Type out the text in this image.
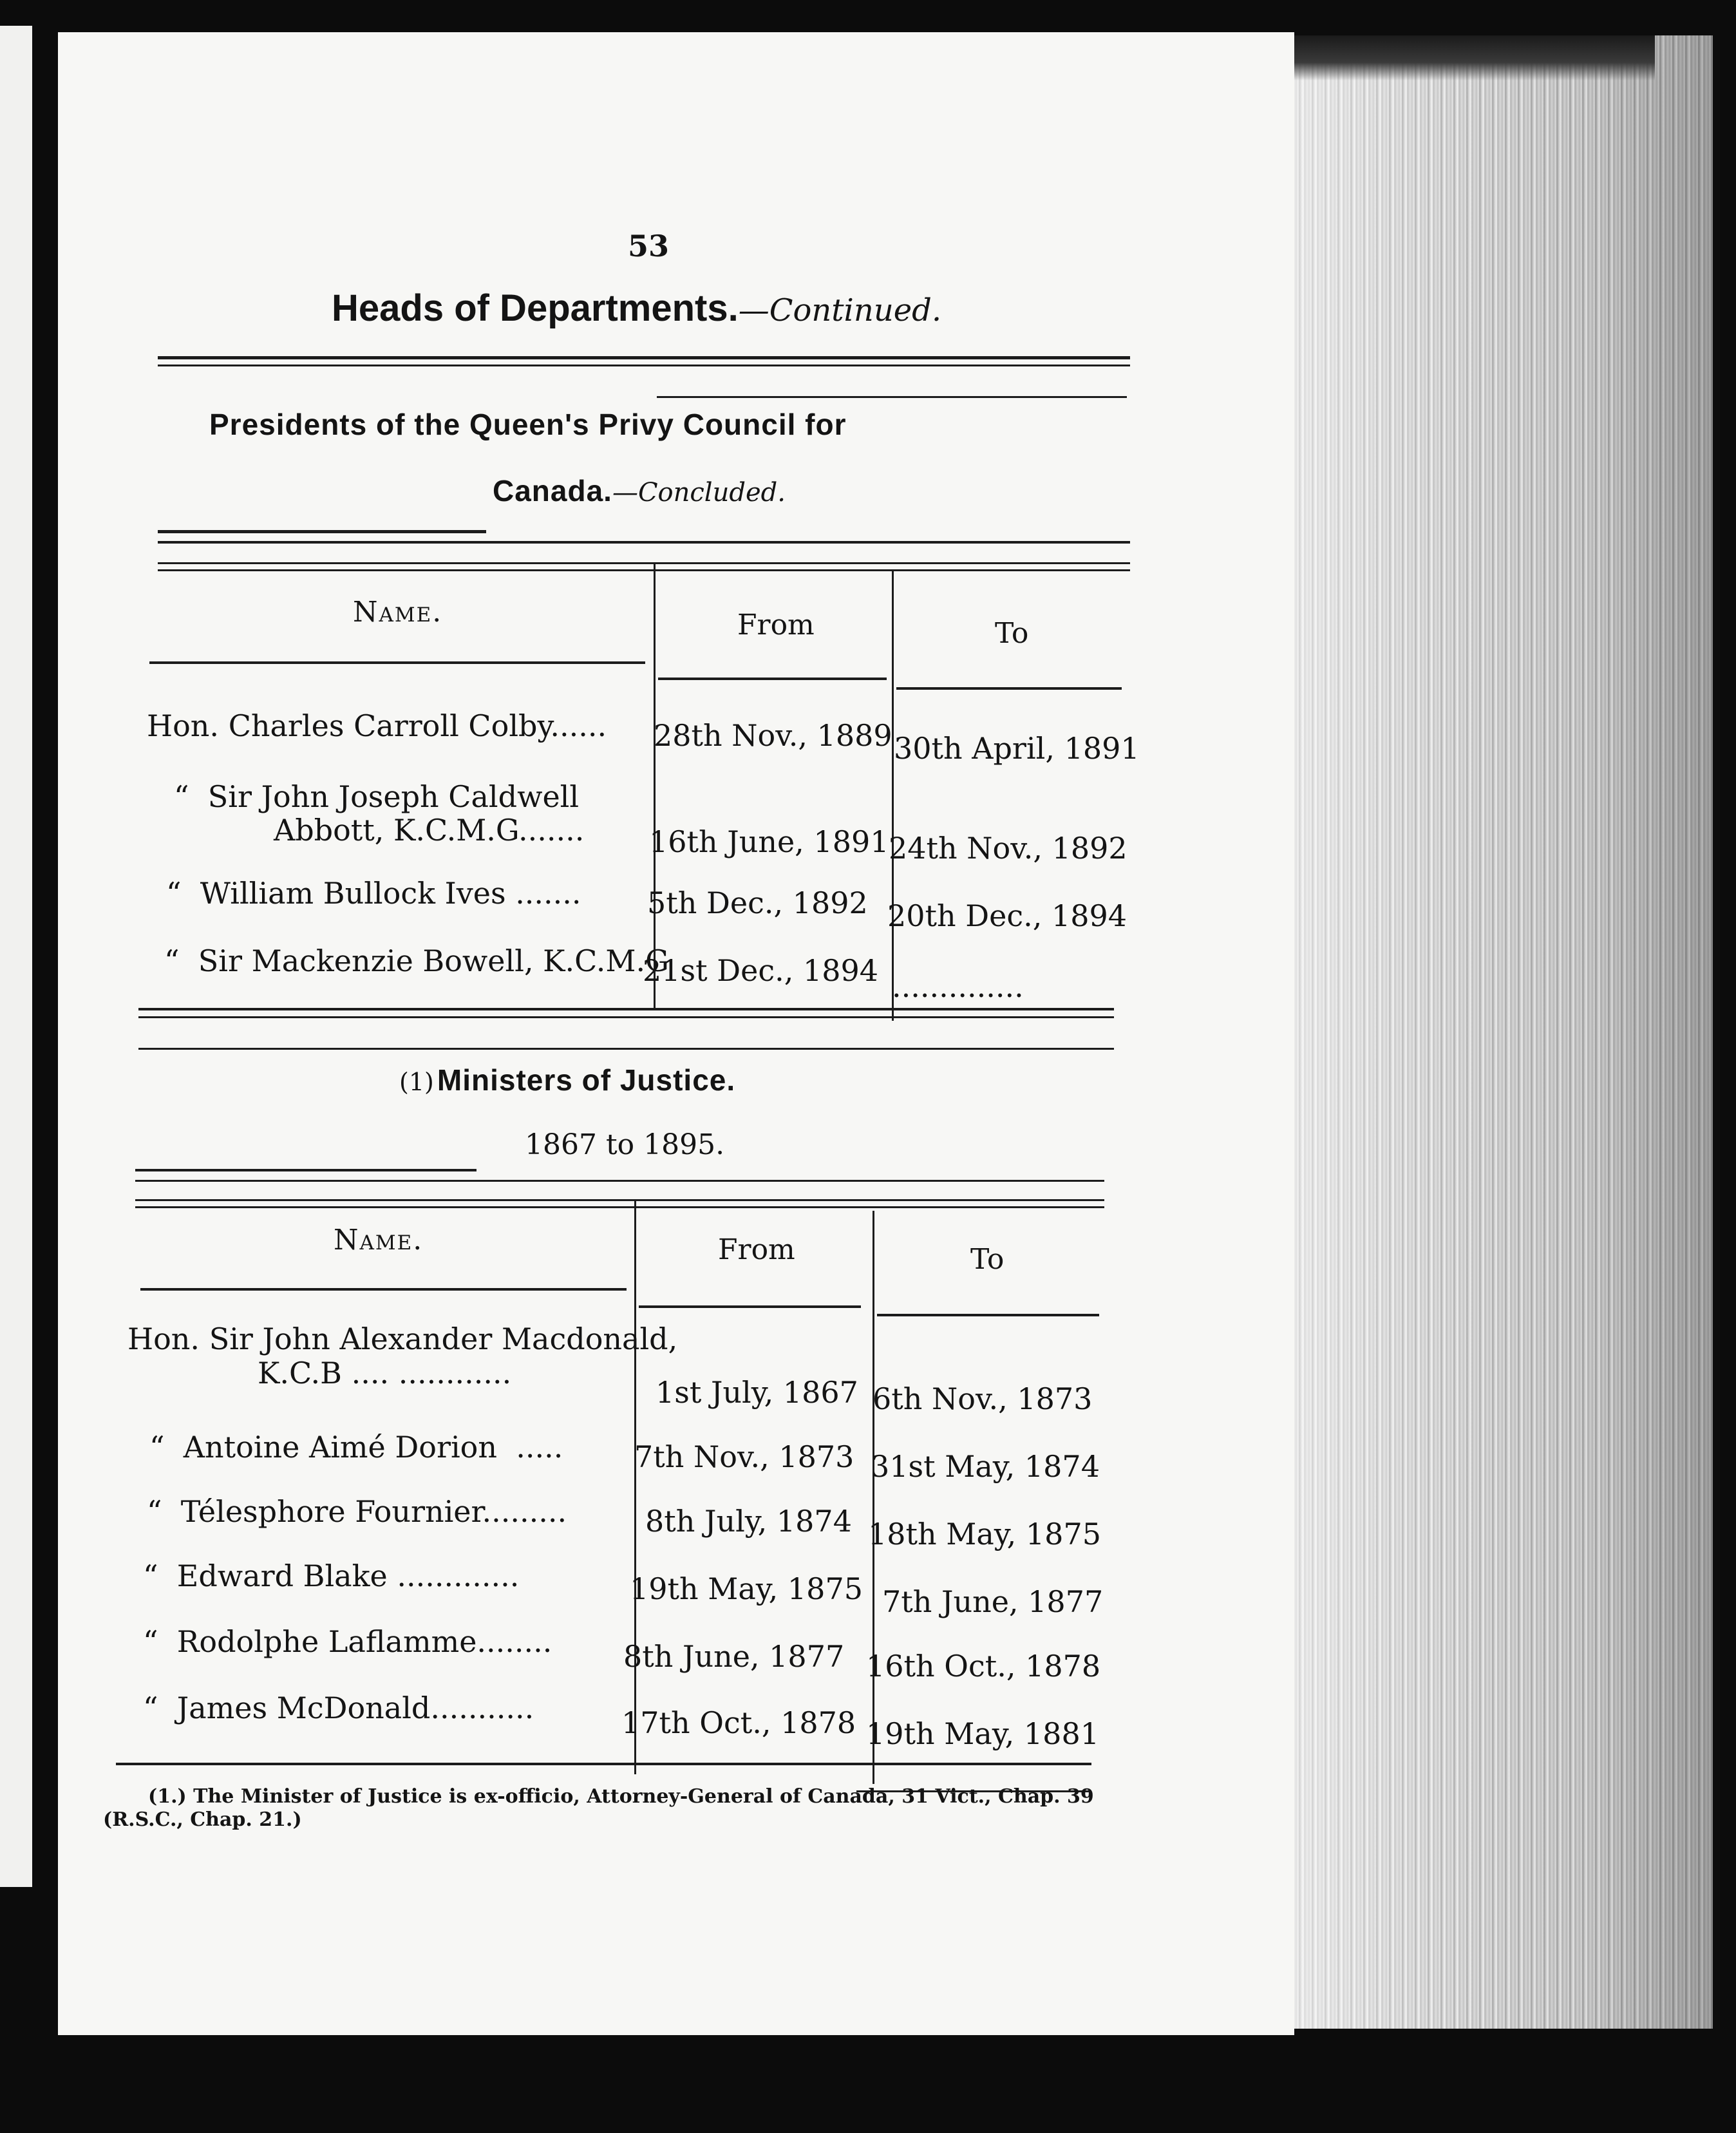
53
Heads of Departments.—Continued.
Presidents of the Queen's Privy Council for
Canada.—Concluded.
Name.	From	To
Hon. Charles Carroll Colby...... 28th Nov., 1889 30th April, 1891
“ Sir John Joseph Caldwell
Abbott, K.C.M.G....... 16th June, 1891 24th Nov., 1892
“ William Bullock Ives ....... 5th Dec., 1892 20th Dec., 1894
“ Sir Mackenzie Bowell, K.C.M.G
21st Dec., 1894 ..............
(1) Ministers of Justice.
1867 to 1895.
Name.	From	To
Hon. Sir John Alexander Macdonald,
K.C.B .... ............
1st July, 1867 6th Nov., 1873
“ Antoine Aimé Dorion ..... 7th Nov., 1873 31st May, 1874
“ Télesphore Fournier.........	8th July, 1874 18th May, 1875
“ Edward Blake .............	19th May, 1875 7th June, 1877
“ Rodolphe Laflamme........ 8th June, 1877 16th Oct., 1878
“ James McDonald...........	17th Oct., 1878 19th May, 1881
(1.) The Minister of Justice is ex-officio, Attorney-General of Canada, 31 Vict., Chap. 39
(R.S.C., Chap. 21.)
